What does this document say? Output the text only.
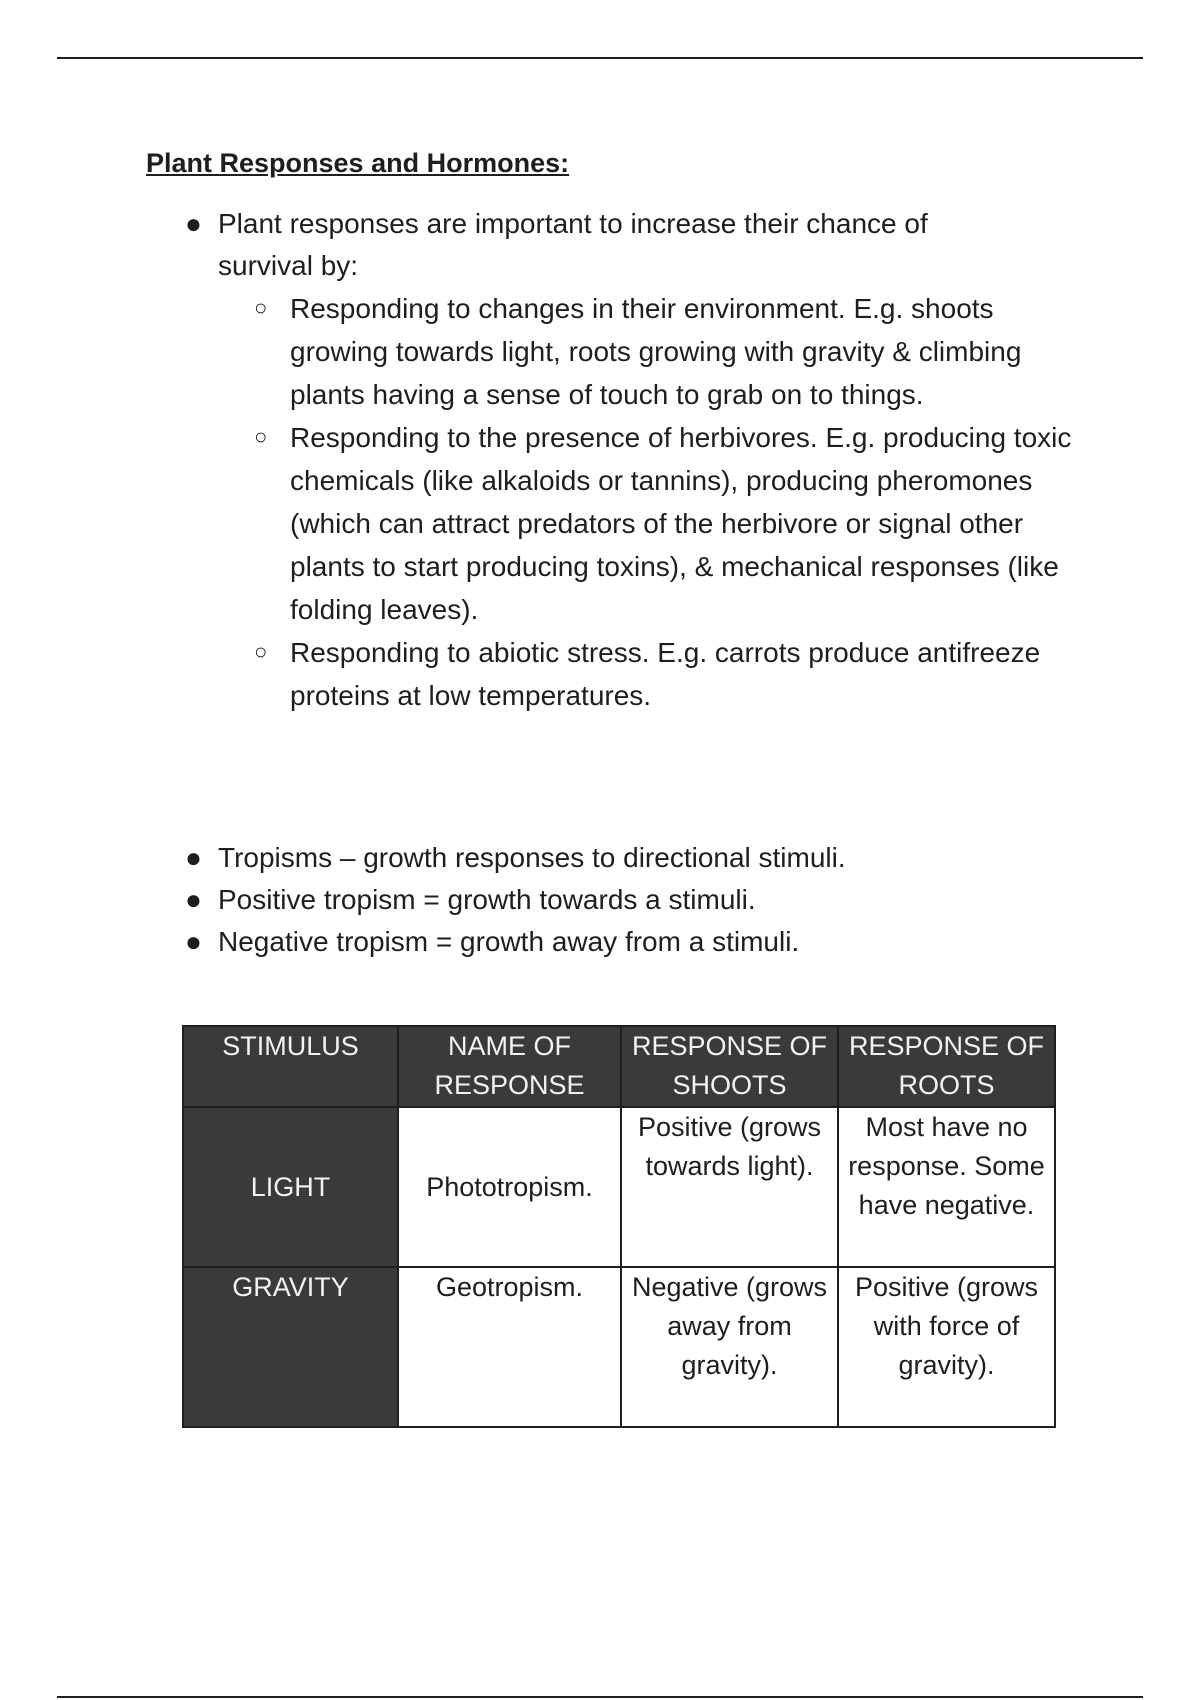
Plant Responses and Hormones:
● Plant responses are important to increase their chance of
survival by:
○ Responding to changes in their environment. E.g. shoots growing towards light, roots growing with gravity & climbing plants having a sense of touch to grab on to things.
○ Responding to the presence of herbivores. E.g. producing toxic chemicals (like alkaloids or tannins), producing pheromones (which can attract predators of the herbivore or signal other plants to start producing toxins), & mechanical responses (like folding leaves).
○ Responding to abiotic stress. E.g. carrots produce antifreeze proteins at low temperatures.
● Tropisms – growth responses to directional stimuli.
● Positive tropism = growth towards a stimuli.
● Negative tropism = growth away from a stimuli.
STIMULUS	NAME OF RESPONSE	RESPONSE OF SHOOTS	RESPONSE OF ROOTS
LIGHT	Phototropism.	Positive (grows towards light).	Most have no response. Some have negative.
GRAVITY	Geotropism.	Negative (grows away from gravity).	Positive (grows with force of gravity).
